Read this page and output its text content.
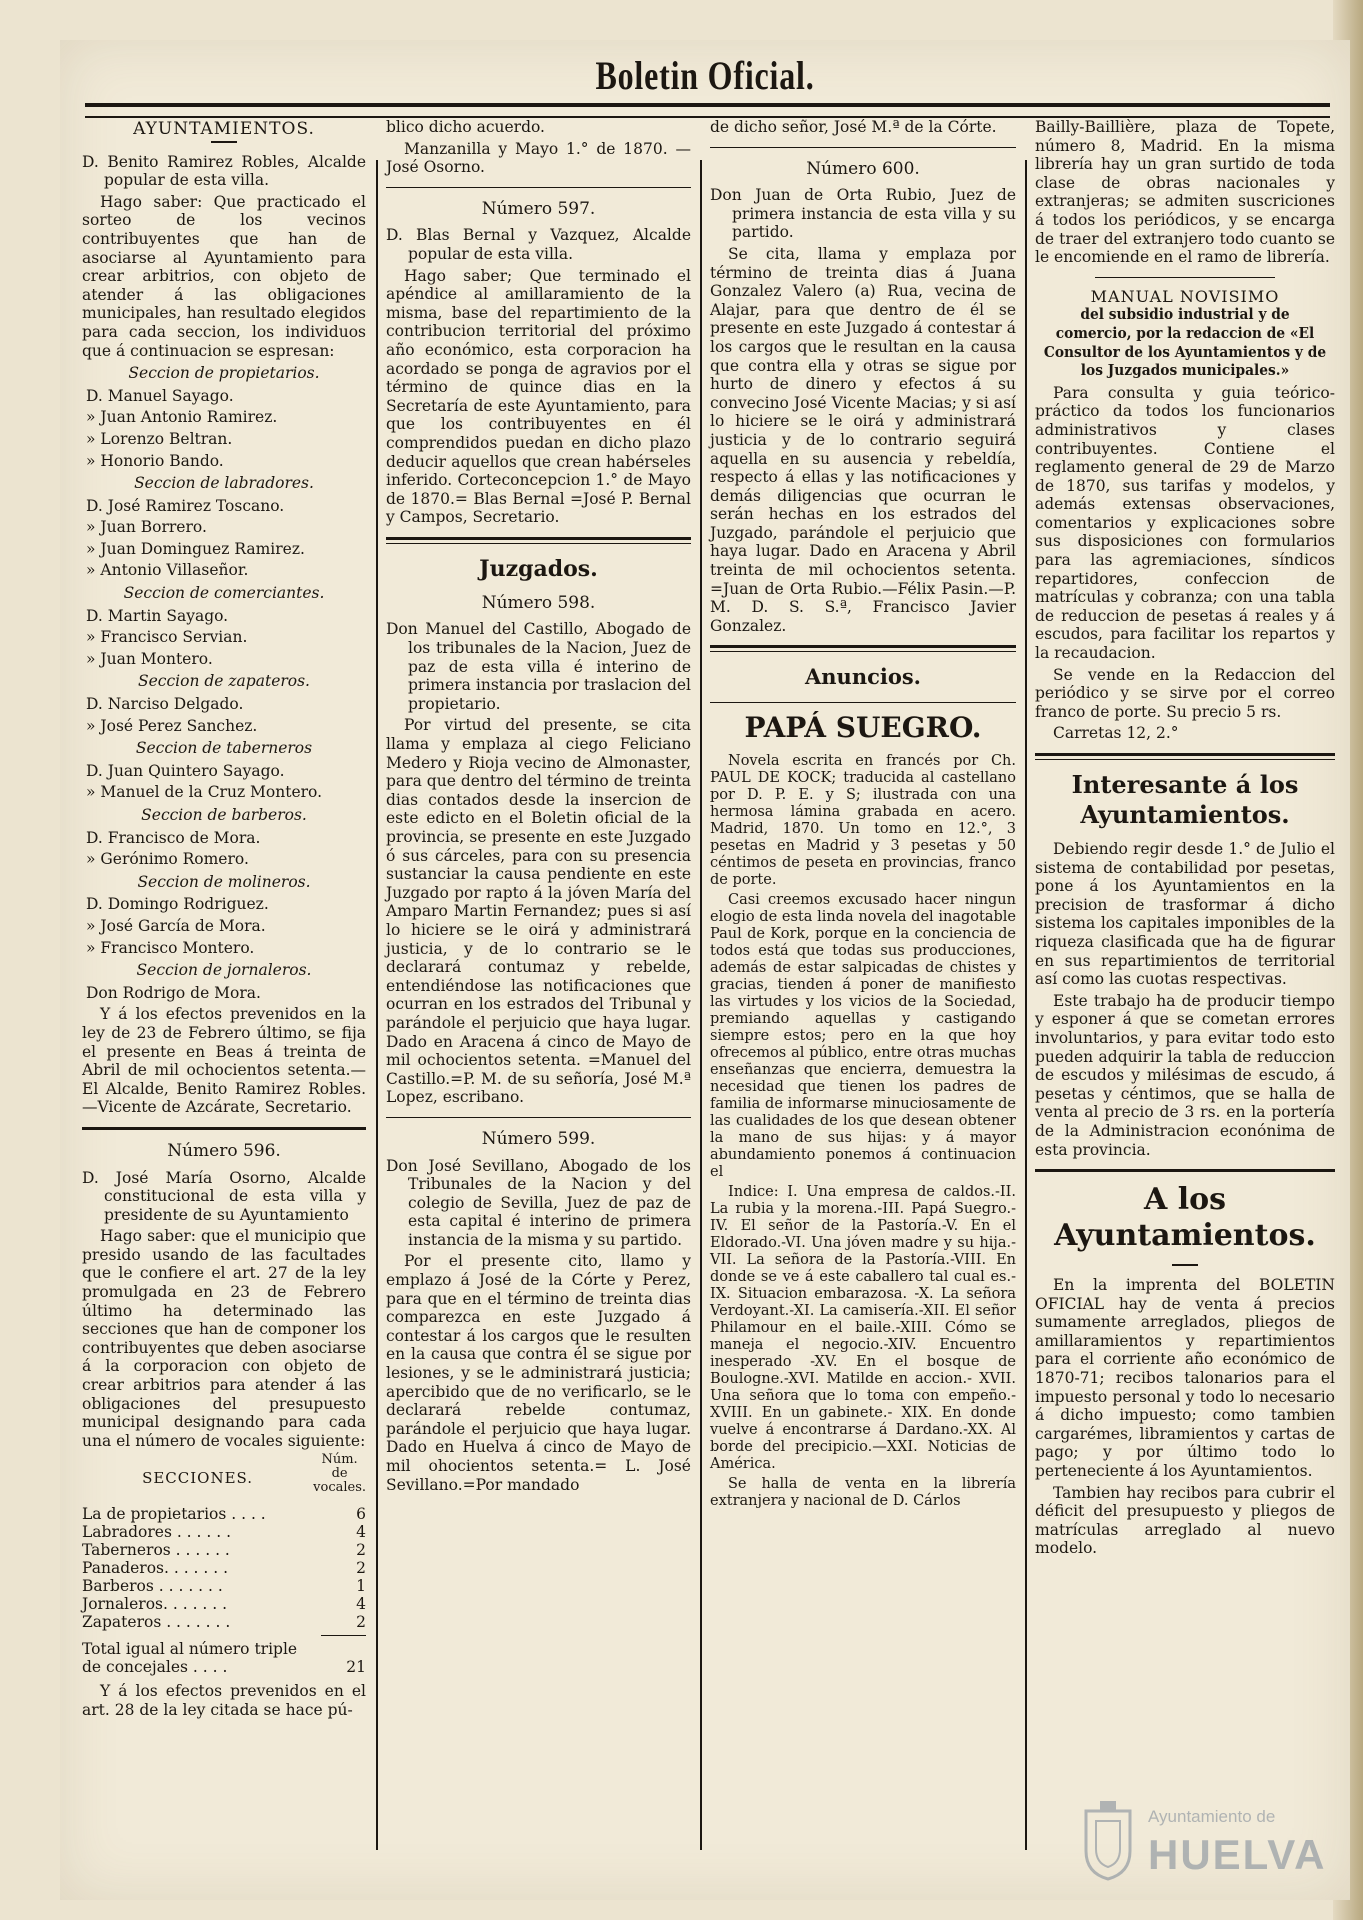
Boletin Oficial.
AYUNTAMIENTOS.

D. Benito Ramirez Robles, Alcalde popular de esta villa.

Hago saber: Que practicado el sorteo de los vecinos contribuyentes que han de asociarse al Ayuntamiento para crear arbitrios, con objeto de atender á las obligaciones municipales, han resultado elegidos para cada seccion, los individuos que á continuacion se espresan:

Seccion de propietarios.

D. Manuel Sayago.

» Juan Antonio Ramirez.

» Lorenzo Beltran.

» Honorio Bando.

Seccion de labradores.

D. José Ramirez Toscano.

» Juan Borrero.

» Juan Dominguez Ramirez.

» Antonio Villaseñor.

Seccion de comerciantes.

D. Martin Sayago.

» Francisco Servian.

» Juan Montero.

Seccion de zapateros.

D. Narciso Delgado.

» José Perez Sanchez.

Seccion de taberneros

D. Juan Quintero Sayago.

» Manuel de la Cruz Montero.

Seccion de barberos.

D. Francisco de Mora.

» Gerónimo Romero.

Seccion de molineros.

D. Domingo Rodriguez.

» José García de Mora.

» Francisco Montero.

Seccion de jornaleros.

Don Rodrigo de Mora.

Y á los efectos prevenidos en la ley de 23 de Febrero último, se fija el presente en Beas á treinta de Abril de mil ochocientos setenta.— El Alcalde, Benito Ramirez Robles. —Vicente de Azcárate, Secretario.

Número 596.

D. José María Osorno, Alcalde constitucional de esta villa y presidente de su Ayuntamiento

Hago saber: que el municipio que presido usando de las facultades que le confiere el art. 27 de la ley promulgada en 23 de Febrero último ha determinado las secciones que han de componer los contribuyentes que deben asociarse á la corporacion con objeto de crear arbitrios para atender á las obligaciones del presupuesto municipal designando para cada una el número de vocales siguiente:

SECCIONES.	Núm. de vocales.

La de propietarios . . . .	6
Labradores . . . . . .	4
Taberneros . . . . . .	2
Panaderos. . . . . . .	2
Barberos . . . . . . .	1
Jornaleros. . . . . . .	4
Zapateros . . . . . . .	2

Total igual al número triple de concejales . . . .	21

Y á los efectos prevenidos en el art. 28 de la ley citada se hace pú-

blico dicho acuerdo.

Manzanilla y Mayo 1.° de 1870. —José Osorno.

Número 597.

D. Blas Bernal y Vazquez, Alcalde popular de esta villa.

Hago saber; Que terminado el apéndice al amillaramiento de la misma, base del repartimiento de la contribucion territorial del próximo año económico, esta corporacion ha acordado se ponga de agravios por el término de quince dias en la Secretaría de este Ayuntamiento, para que los contribuyentes en él comprendidos puedan en dicho plazo deducir aquellos que crean habérseles inferido. Corteconcepcion 1.° de Mayo de 1870.= Blas Bernal =José P. Bernal y Campos, Secretario.

Juzgados.
Número 598.

Don Manuel del Castillo, Abogado de los tribunales de la Nacion, Juez de paz de esta villa é interino de primera instancia por traslacion del propietario.

Por virtud del presente, se cita llama y emplaza al ciego Feliciano Medero y Rioja vecino de Almonaster, para que dentro del término de treinta dias contados desde la insercion de este edicto en el Boletin oficial de la provincia, se presente en este Juzgado ó sus cárceles, para con su presencia sustanciar la causa pendiente en este Juzgado por rapto á la jóven María del Amparo Martin Fernandez; pues si así lo hiciere se le oirá y administrará justicia, y de lo contrario se le declarará contumaz y rebelde, entendiéndose las notificaciones que ocurran en los estrados del Tribunal y parándole el perjuicio que haya lugar. Dado en Aracena á cinco de Mayo de mil ochocientos setenta. =Manuel del Castillo.=P. M. de su señoría, José M.ª Lopez, escribano.

Número 599.

Don José Sevillano, Abogado de los Tribunales de la Nacion y del colegio de Sevilla, Juez de paz de esta capital é interino de primera instancia de la misma y su partido.

Por el presente cito, llamo y emplazo á José de la Córte y Perez, para que en el término de treinta dias comparezca en este Juzgado á contestar á los cargos que le resulten en la causa que contra él se sigue por lesiones, y se le administrará justicia; apercibido que de no verificarlo, se le declarará rebelde contumaz, parándole el perjuicio que haya lugar. Dado en Huelva á cinco de Mayo de mil ohocientos setenta.= L. José Sevillano.=Por mandado

de dicho señor, José M.ª de la Córte.

Número 600.

Don Juan de Orta Rubio, Juez de primera instancia de esta villa y su partido.

Se cita, llama y emplaza por término de treinta dias á Juana Gonzalez Valero (a) Rua, vecina de Alajar, para que dentro de él se presente en este Juzgado á contestar á los cargos que le resultan en la causa que contra ella y otras se sigue por hurto de dinero y efectos á su convecino José Vicente Macias; y si así lo hiciere se le oirá y administrará justicia y de lo contrario seguirá aquella en su ausencia y rebeldía, respecto á ellas y las notificaciones y demás diligencias que ocurran le serán hechas en los estrados del Juzgado, parándole el perjuicio que haya lugar. Dado en Aracena y Abril treinta de mil ochocientos setenta. =Juan de Orta Rubio.—Félix Pasin.—P. M. D. S. S.ª, Francisco Javier Gonzalez.

Anuncios.
PAPÁ SUEGRO.

Novela escrita en francés por Ch. PAUL DE KOCK; traducida al castellano por D. P. E. y S; ilustrada con una hermosa lámina grabada en acero. Madrid, 1870. Un tomo en 12.°, 3 pesetas en Madrid y 3 pesetas y 50 céntimos de peseta en provincias, franco de porte.

Casi creemos excusado hacer ningun elogio de esta linda novela del inagotable Paul de Kork, porque en la conciencia de todos está que todas sus producciones, además de estar salpicadas de chistes y gracias, tienden á poner de manifiesto las virtudes y los vicios de la Sociedad, premiando aquellas y castigando siempre estos; pero en la que hoy ofrecemos al público, entre otras muchas enseñanzas que encierra, demuestra la necesidad que tienen los padres de familia de informarse minuciosamente de las cualidades de los que desean obtener la mano de sus hijas: y á mayor abundamiento ponemos á continuacion el

Indice: I. Una empresa de caldos.-II. La rubia y la morena.-III. Papá Suegro.-IV. El señor de la Pastoría.-V. En el Eldorado.-VI. Una jóven madre y su hija.-VII. La señora de la Pastoría.-VIII. En donde se ve á este caballero tal cual es.-IX. Situacion embarazosa. -X. La señora Verdoyant.-XI. La camisería.-XII. El señor Philamour en el baile.-XIII. Cómo se maneja el negocio.-XIV. Encuentro inesperado -XV. En el bosque de Boulogne.-XVI. Matilde en accion.- XVII. Una señora que lo toma con empeño.-XVIII. En un gabinete.- XIX. En donde vuelve á encontrarse á Dardano.-XX. Al borde del precipicio.—XXI. Noticias de América.

Se halla de venta en la librería extranjera y nacional de D. Cárlos

Bailly-Baillière, plaza de Topete, número 8, Madrid. En la misma librería hay un gran surtido de toda clase de obras nacionales y extranjeras; se admiten suscriciones á todos los periódicos, y se encarga de traer del extranjero todo cuanto se le encomiende en el ramo de librería.

MANUAL NOVISIMO

del subsidio industrial y de comercio, por la redaccion de «El Consultor de los Ayuntamientos y de los Juzgados municipales.»

Para consulta y guia teórico-práctico da todos los funcionarios administrativos y clases contribuyentes. Contiene el reglamento general de 29 de Marzo de 1870, sus tarifas y modelos, y además extensas observaciones, comentarios y explicaciones sobre sus disposiciones con formularios para las agremiaciones, síndicos repartidores, confeccion de matrículas y cobranza; con una tabla de reduccion de pesetas á reales y á escudos, para facilitar los repartos y la recaudacion.

Se vende en la Redaccion del periódico y se sirve por el correo franco de porte. Su precio 5 rs.

Carretas 12, 2.°

Interesante á los Ayuntamientos.

Debiendo regir desde 1.° de Julio el sistema de contabilidad por pesetas, pone á los Ayuntamientos en la precision de trasformar á dicho sistema los capitales imponibles de la riqueza clasificada que ha de figurar en sus repartimientos de territorial así como las cuotas respectivas.

Este trabajo ha de producir tiempo y esponer á que se cometan errores involuntarios, y para evitar todo esto pueden adquirir la tabla de reduccion de escudos y milésimas de escudo, á pesetas y céntimos, que se halla de venta al precio de 3 rs. en la portería de la Administracion econónima de esta provincia.

A los Ayuntamientos.

En la imprenta del BOLETIN OFICIAL hay de venta á precios sumamente arreglados, pliegos de amillaramientos y repartimientos para el corriente año económico de 1870-71; recibos talonarios para el impuesto personal y todo lo necesario á dicho impuesto; como tambien cargarémes, libramientos y cartas de pago; y por último todo lo perteneciente á los Ayuntamientos.

Tambien hay recibos para cubrir el déficit del presupuesto y pliegos de matrículas arreglado al nuevo modelo.

Ayuntamiento de
HUELVA
